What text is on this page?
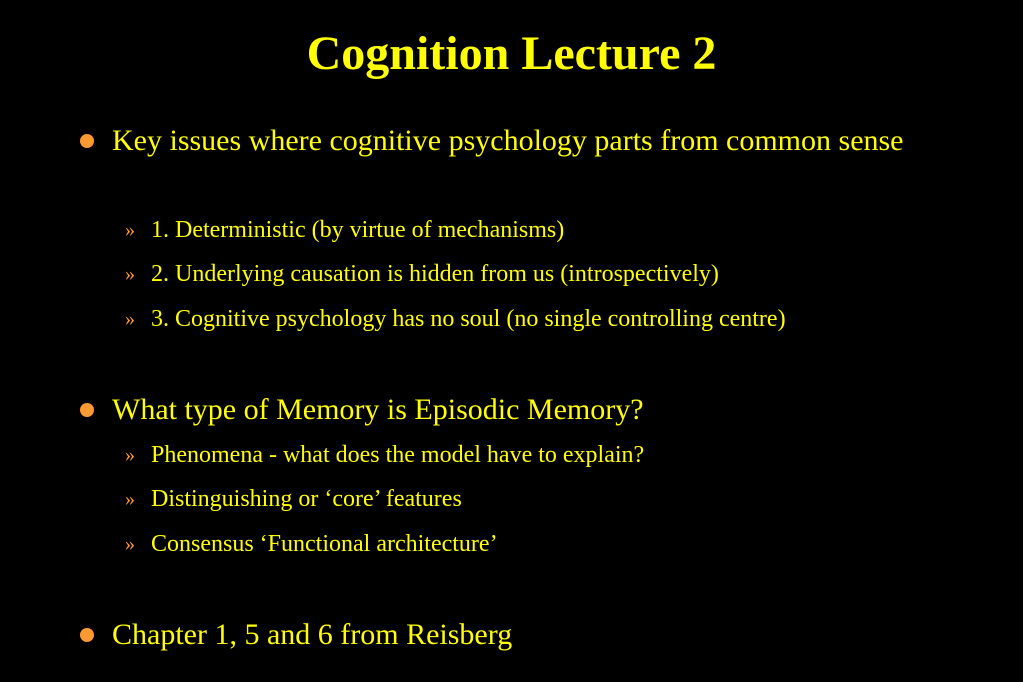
Cognition Lecture 2
Key issues where cognitive psychology parts from common sense
» 1. Deterministic (by virtue of mechanisms)
» 2. Underlying causation is hidden from us (introspectively)
» 3. Cognitive psychology has no soul (no single controlling centre)
What type of Memory is Episodic Memory?
» Phenomena - what does the model have to explain?
» Distinguishing or ‘core’ features
» Consensus ‘Functional architecture’
Chapter 1, 5 and 6 from Reisberg
